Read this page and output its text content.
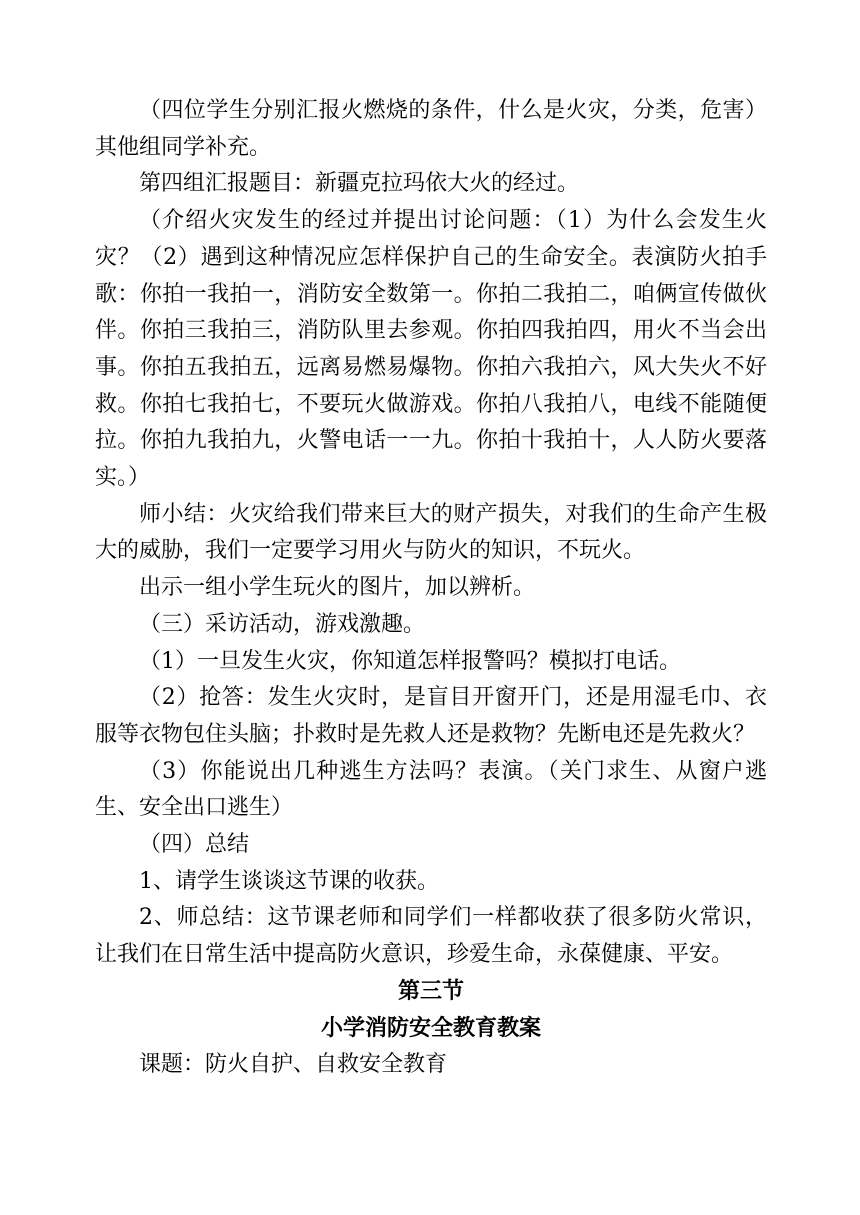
（四位学生分别汇报火燃烧的条件，什么是火灾，分类，危害）其他组同学补充。

第四组汇报题目：新疆克拉玛依大火的经过。

（介绍火灾发生的经过并提出讨论问题：（1）为什么会发生火灾？（2）遇到这种情况应怎样保护自己的生命安全。表演防火拍手歌：你拍一我拍一，消防安全数第一。你拍二我拍二，咱俩宣传做伙伴。你拍三我拍三，消防队里去参观。你拍四我拍四，用火不当会出事。你拍五我拍五，远离易燃易爆物。你拍六我拍六，风大失火不好救。你拍七我拍七，不要玩火做游戏。你拍八我拍八，电线不能随便拉。你拍九我拍九，火警电话一一九。你拍十我拍十，人人防火要落实。）

师小结：火灾给我们带来巨大的财产损失，对我们的生命产生极大的威胁，我们一定要学习用火与防火的知识，不玩火。

出示一组小学生玩火的图片，加以辨析。

（三）采访活动，游戏激趣。

（1）一旦发生火灾，你知道怎样报警吗？模拟打电话。

（2）抢答：发生火灾时，是盲目开窗开门，还是用湿毛巾、衣服等衣物包住头脑；扑救时是先救人还是救物？先断电还是先救火？

（3）你能说出几种逃生方法吗？表演。（关门求生、从窗户逃生、安全出口逃生）

（四）总结

1、请学生谈谈这节课的收获。

2、师总结：这节课老师和同学们一样都收获了很多防火常识，让我们在日常生活中提高防火意识，珍爱生命，永葆健康、平安。

第三节

小学消防安全教育教案

课题：防火自护、自救安全教育
